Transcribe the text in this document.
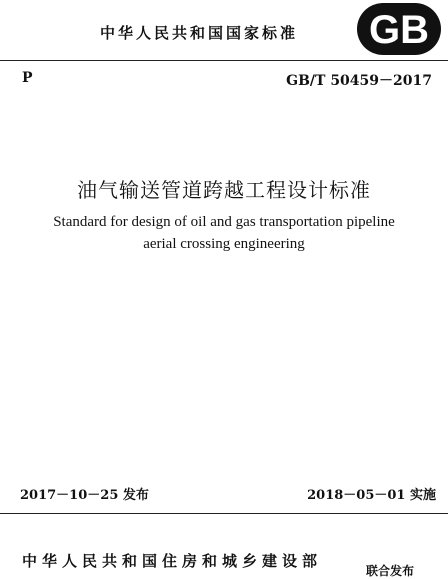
中华人民共和国国家标准	GB
P	GB/T 50459－2017
油气输送管道跨越工程设计标准
Standard for design of oil and gas transportation pipeline
aerial crossing engineering
2017－10－25 发布	2018－05－01 实施
中华人民共和国住房和城乡建设部
联合发布
